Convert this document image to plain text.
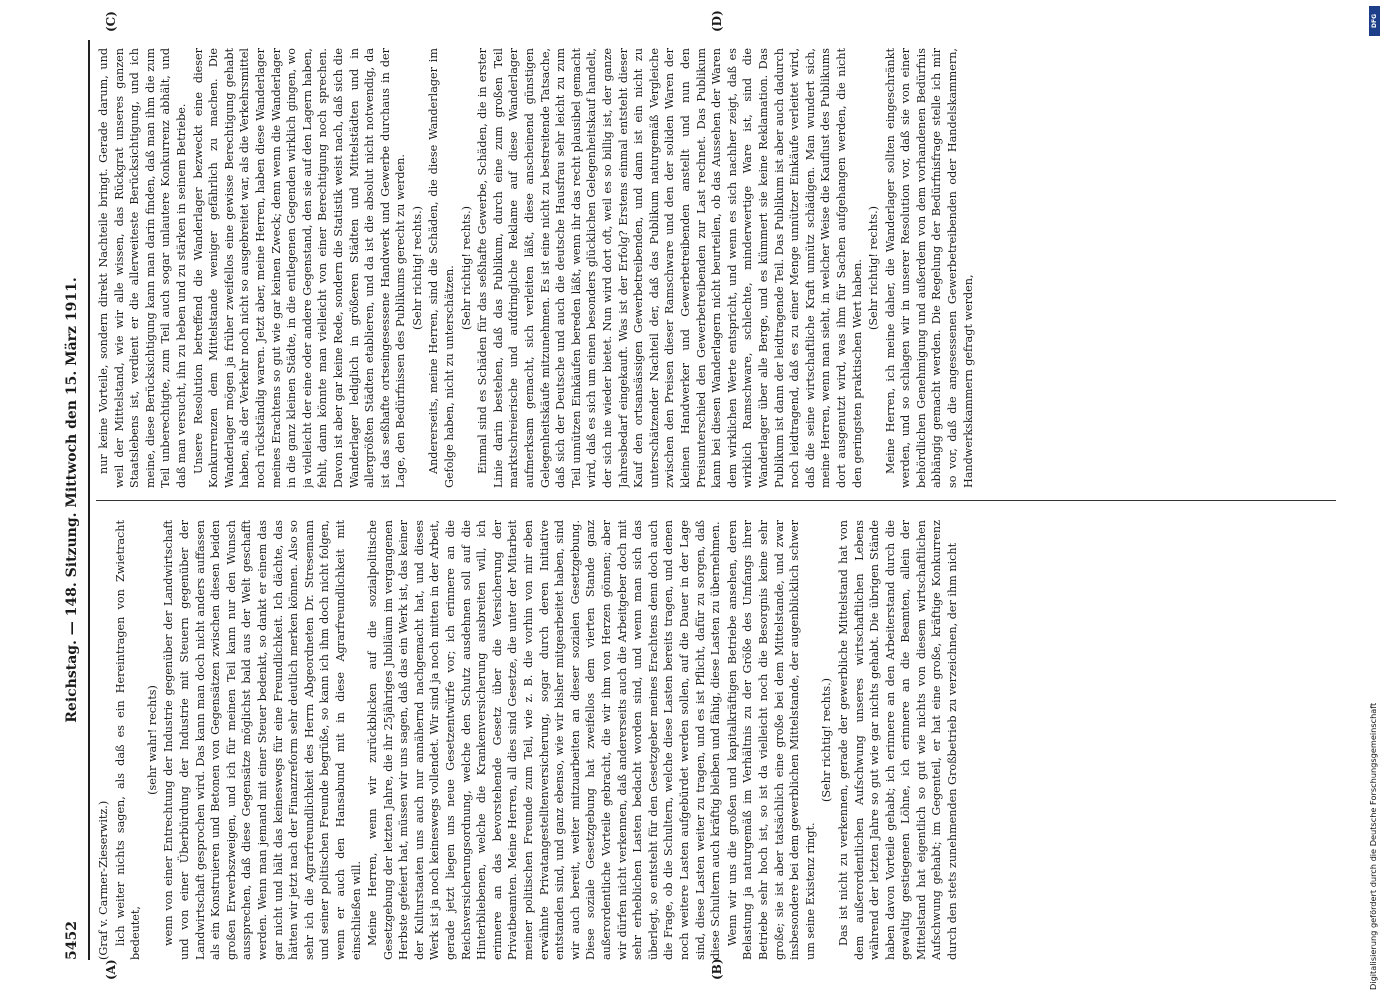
5452
Reichstag. — 148. Sitzung. Mittwoch den 15. März 1911.
(A)	(B)
(C)	(D)

(Graf v. Carmer-Zieserwitz.) lich weiter nichts sagen, als daß es ein Hereintragen von Zwietracht bedeutet,

(sehr wahr! rechts) wenn von einer Entrechtung der Industrie gegenüber der Landwirtschaft und von einer Überbürdung der Industrie mit Steuern gegenüber der Landwirtschaft gesprochen wird. Das kann man doch nicht anders auffassen als ein Konstruieren und Betonen von Gegensätzen zwischen diesen beiden großen Erwerbszweigen, und ich für meinen Teil kann nur den Wunsch aussprechen, daß diese Gegensätze möglichst bald aus der Welt geschafft werden. Wenn man jemand mit einer Steuer bedenkt, so dankt er einem das gar nicht und hält das keineswegs für eine Freundlichkeit. Ich dächte, das hätten wir jetzt nach der Finanzreform sehr deutlich merken können. Also so sehr ich die Agrarfreundlichkeit des Herrn Abgeordneten Dr. Stresemann und seiner politischen Freunde begrüße, so kann ich ihm doch nicht folgen, wenn er auch den Hansabund mit in diese Agrarfreundlichkeit mit einschließen will. Meine Herren, wenn wir zurückblicken auf die sozialpolitische Gesetzgebung der letzten Jahre, die ihr 25jähriges Jubiläum im vergangenen Herbste gefeiert hat, müssen wir uns sagen, daß das ein Werk ist, das keiner der Kulturstaaten uns auch nur annähernd nachgemacht hat, und dieses Werk ist ja noch keineswegs vollendet. Wir sind ja noch mitten in der Arbeit, gerade jetzt liegen uns neue Gesetzentwürfe vor; ich erinnere an die Reichsversicherungsordnung, welche den Schutz ausdehnen soll auf die Hinterbliebenen, welche die Krankenversicherung ausbreiten will, ich erinnere an das bevorstehende Gesetz über die Versicherung der Privatbeamten. Meine Herren, all dies sind Gesetze, die unter der Mitarbeit meiner politischen Freunde zum Teil, wie z. B. die vorhin von mir eben erwähnte Privatangestelltenversicherung, sogar durch deren Initiative entstanden sind, und ganz ebenso, wie wir bisher mitgearbeitet haben, sind wir auch bereit, weiter mitzuarbeiten an dieser sozialen Gesetzgebung. Diese soziale Gesetzgebung hat zweifellos dem vierten Stande ganz außerordentliche Vorteile gebracht, die wir ihm von Herzen gönnen; aber wir dürfen nicht verkennen, daß andererseits auch die Arbeitgeber doch mit sehr erheblichen Lasten bedacht worden sind, und wenn man sich das überlegt, so entsteht für den Gesetzgeber meines Erachtens denn doch auch die Frage, ob die Schultern, welche diese Lasten bereits tragen, und denen noch weitere Lasten aufgebürdet werden sollen, auf die Dauer in der Lage sind, diese Lasten weiter zu tragen, und es ist Pflicht, dafür zu sorgen, daß diese Schultern auch kräftig bleiben und fähig, diese Lasten zu übernehmen. Wenn wir uns die großen und kapitalkräftigen Betriebe ansehen, deren Belastung ja naturgemäß im Verhältnis zu der Größe des Umfangs ihrer Betriebe sehr hoch ist, so ist da vielleicht noch die Besorgnis keine sehr große; sie ist aber tatsächlich eine große bei dem Mittelstande, und zwar insbesondere bei dem gewerblichen Mittelstande, der augenblicklich schwer um seine Existenz ringt.

(Sehr richtig! rechts.) Das ist nicht zu verkennen, gerade der gewerbliche Mittelstand hat von dem außerordentlichen Aufschwung unseres wirtschaftlichen Lebens während der letzten Jahre so gut wie gar nichts gehabt. Die übrigen Stände haben davon Vorteile gehabt; ich erinnere an den Arbeiterstand durch die gewaltig gestiegenen Löhne, ich erinnere an die Beamten, allein der Mittelstand hat eigentlich so gut wie nichts von diesem wirtschaftlichen Aufschwung gehabt; im Gegenteil, er hat eine große, kräftige Konkurrenz durch den stets zunehmenden Großbetrieb zu verzeichnen, der ihm nicht

nur keine Vorteile, sondern direkt Nachteile bringt. Gerade darum, und weil der Mittelstand, wie wir alle wissen, das Rückgrat unseres ganzen Staatslebens ist, verdient er die allerweiteste Berücksichtigung, und ich meine, diese Berücksichtigung kann man darin finden, daß man ihm die zum Teil unberechtigte, zum Teil auch sogar unlautere Konkurrenz abhält, und daß man versucht, ihn zu heben und zu stärken in seinem Betriebe. Unsere Resolution betreffend die Wanderlager bezweckt eine dieser Konkurrenzen dem Mittelstande weniger gefährlich zu machen. Die Wanderlager mögen ja früher zweifellos eine gewisse Berechtigung gehabt haben, als der Verkehr noch nicht so ausgebreitet war, als die Verkehrsmittel noch rückständig waren. Jetzt aber, meine Herren, haben diese Wanderlager meines Erachtens so gut wie gar keinen Zweck; denn wenn die Wanderlager in die ganz kleinen Städte, in die entlegenen Gegenden wirklich gingen, wo ja vielleicht der eine oder andere Gegenstand, den sie auf den Lagern haben, fehlt, dann könnte man vielleicht von einer Berechtigung noch sprechen. Davon ist aber gar keine Rede, sondern die Statistik weist nach, daß sich die Wanderlager lediglich in größeren Städten und Mittelstädten und in allergrößten Städten etablieren, und da ist die absolut nicht notwendig, da ist das seßhafte ortseingesessene Handwerk und Gewerbe durchaus in der Lage, den Bedürfnissen des Publikums gerecht zu werden. (Sehr richtig! rechts.) Andererseits, meine Herren, sind die Schäden, die diese Wanderlager im Gefolge haben, nicht zu unterschätzen. (Sehr richtig! rechts.) Einmal sind es Schäden für das seßhafte Gewerbe, Schäden, die in erster Linie darin bestehen, daß das Publikum, durch eine zum großen Teil marktschreierische und aufdringliche Reklame auf diese Wanderlager aufmerksam gemacht, sich verleiten läßt, diese anscheinend günstigen Gelegenheitskäufe mitzunehmen. Es ist eine nicht zu bestreitende Tatsache, daß sich der Deutsche und auch die deutsche Hausfrau sehr leicht zu zum Teil unnützen Einkäufen bereden läßt, wenn ihr das recht plausibel gemacht wird, daß es sich um einen besonders glücklichen Gelegenheitskauf handelt, der sich nie wieder bietet. Nun wird dort oft, weil es so billig ist, der ganze Jahresbedarf eingekauft. Was ist der Erfolg? Erstens einmal entsteht dieser Kauf den ortsansässigen Gewerbetreibenden, und dann ist ein nicht zu unterschätzender Nachteil der, daß das Publikum naturgemäß Vergleiche zwischen den Preisen dieser Ramschware und den der soliden Waren der kleinen Handwerker und Gewerbetreibenden anstellt und nun den Preisunterschied den Gewerbetreibenden zur Last rechnet. Das Publikum kann bei diesen Wanderlagern nicht beurteilen, ob das Aussehen der Waren dem wirklichen Werte entspricht, und wenn es sich nachher zeigt, daß es wirklich Ramschware, schlechte, minderwertige Ware ist, sind die Wanderlager über alle Berge, und es kümmert sie keine Reklamation. Das Publikum ist dann der leidtragende Teil. Das Publikum ist aber auch dadurch noch leidtragend, daß es zu einer Menge unnützer Einkäufe verleitet wird, daß die seine wirtschaftliche Kraft unnütz schädigen. Man wundert sich, meine Herren, wenn man sieht, in welcher Weise die Kauflust des Publikums dort ausgenutzt wird, was ihm für Sachen aufgehangen werden, die nicht den geringsten praktischen Wert haben. (Sehr richtig! rechts.) Meine Herren, ich meine daher, die Wanderlager sollten eingeschränkt werden, und so schlagen wir in unserer Resolution vor, daß sie von einer behördlichen Genehmigung und außerdem von dem vorhandenen Bedürfnis abhängig gemacht werden. Die Regelung der Bedürfnisfrage stelle ich mir so vor, daß die angesessenen Gewerbetreibenden oder Handelskammern, Handwerkskammern gefragt werden,

DFG
Digitalisierung gefördert durch die Deutsche Forschungsgemeinschaft
